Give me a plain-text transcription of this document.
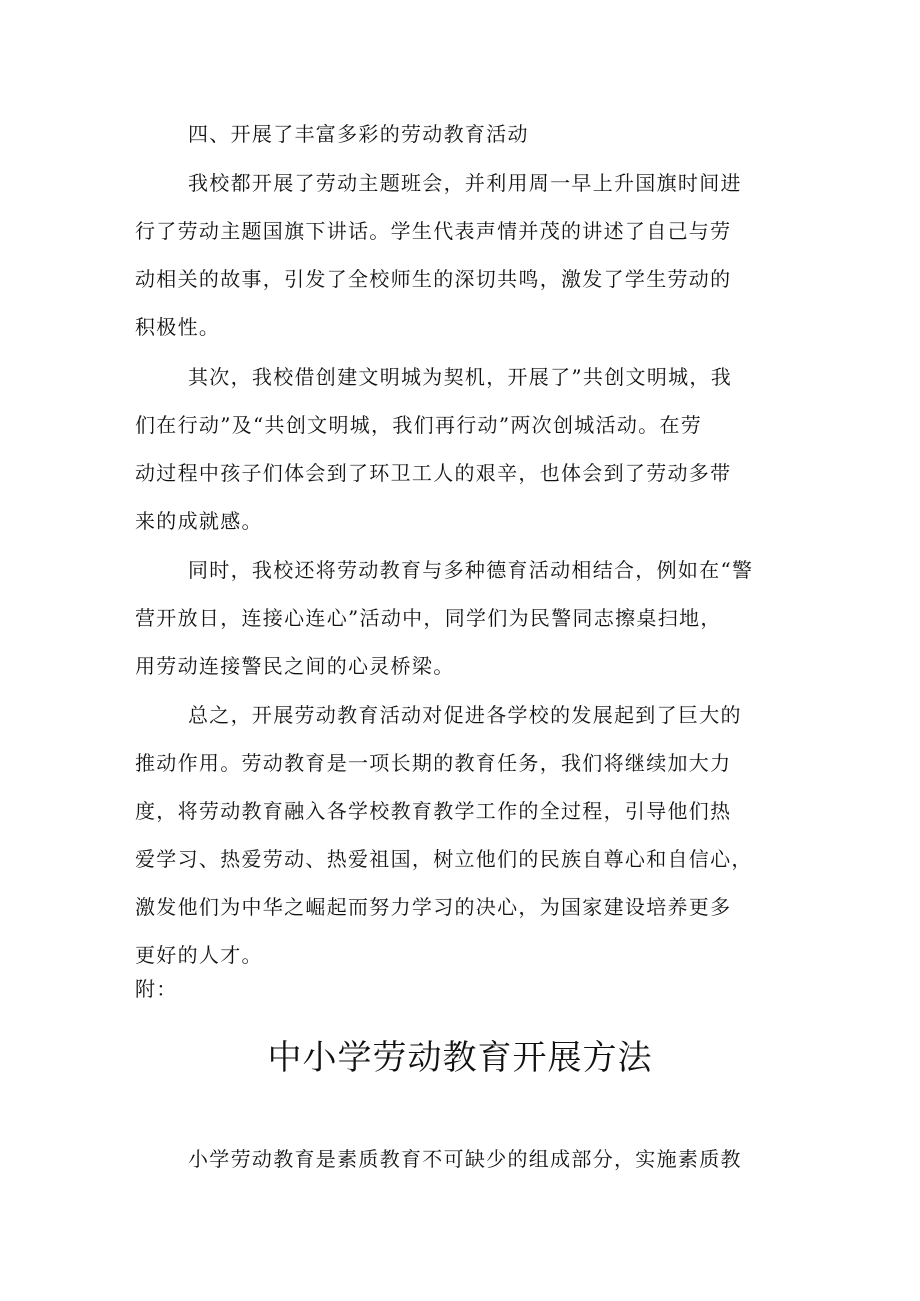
四、开展了丰富多彩的劳动教育活动
我校都开展了劳动主题班会，并利用周一早上升国旗时间进
行了劳动主题国旗下讲话。学生代表声情并茂的讲述了自己与劳
动相关的故事，引发了全校师生的深切共鸣，激发了学生劳动的
积极性。
其次，我校借创建文明城为契机，开展了”共创文明城，我
们在行动”及“共创文明城，我们再行动”两次创城活动。在劳
动过程中孩子们体会到了环卫工人的艰辛，也体会到了劳动多带
来的成就感。
同时，我校还将劳动教育与多种德育活动相结合，例如在“警
营开放日，连接心连心”活动中，同学们为民警同志擦桌扫地，
用劳动连接警民之间的心灵桥梁。
总之，开展劳动教育活动对促进各学校的发展起到了巨大的
推动作用。劳动教育是一项长期的教育任务，我们将继续加大力
度，将劳动教育融入各学校教育教学工作的全过程，引导他们热
爱学习、热爱劳动、热爱祖国，树立他们的民族自尊心和自信心，
激发他们为中华之崛起而努力学习的决心，为国家建设培养更多
更好的人才。
附：
中小学劳动教育开展方法
小学劳动教育是素质教育不可缺少的组成部分，实施素质教
